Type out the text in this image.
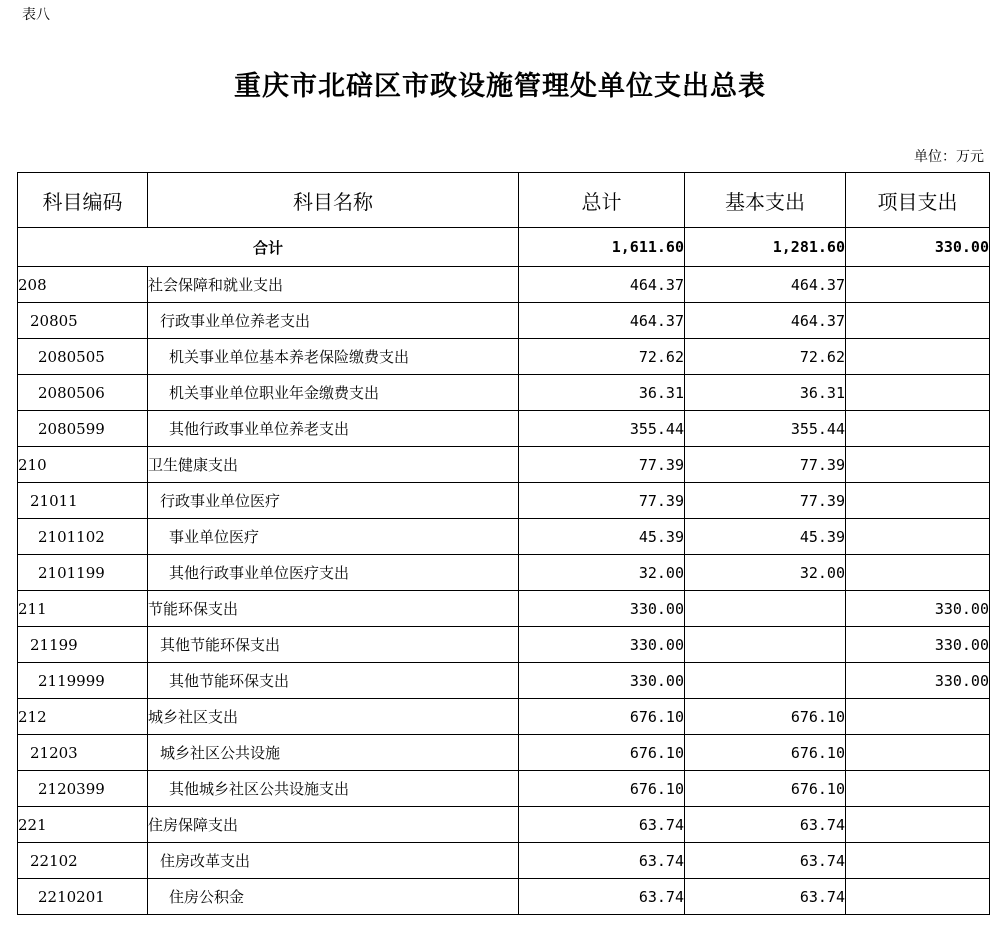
表八
重庆市北碚区市政设施管理处单位支出总表
单位：万元
科目编码	科目名称	总计	基本支出	项目支出
合计		1,611.60	1,281.60	330.00
208	社会保障和就业支出	464.37	464.37	
20805	行政事业单位养老支出	464.37	464.37	
2080505	机关事业单位基本养老保险缴费支出	72.62	72.62	
2080506	机关事业单位职业年金缴费支出	36.31	36.31	
2080599	其他行政事业单位养老支出	355.44	355.44	
210	卫生健康支出	77.39	77.39	
21011	行政事业单位医疗	77.39	77.39	
2101102	事业单位医疗	45.39	45.39	
2101199	其他行政事业单位医疗支出	32.00	32.00	
211	节能环保支出	330.00		330.00
21199	其他节能环保支出	330.00		330.00
2119999	其他节能环保支出	330.00		330.00
212	城乡社区支出	676.10	676.10	
21203	城乡社区公共设施	676.10	676.10	
2120399	其他城乡社区公共设施支出	676.10	676.10	
221	住房保障支出	63.74	63.74	
22102	住房改革支出	63.74	63.74	
2210201	住房公积金	63.74	63.74	
